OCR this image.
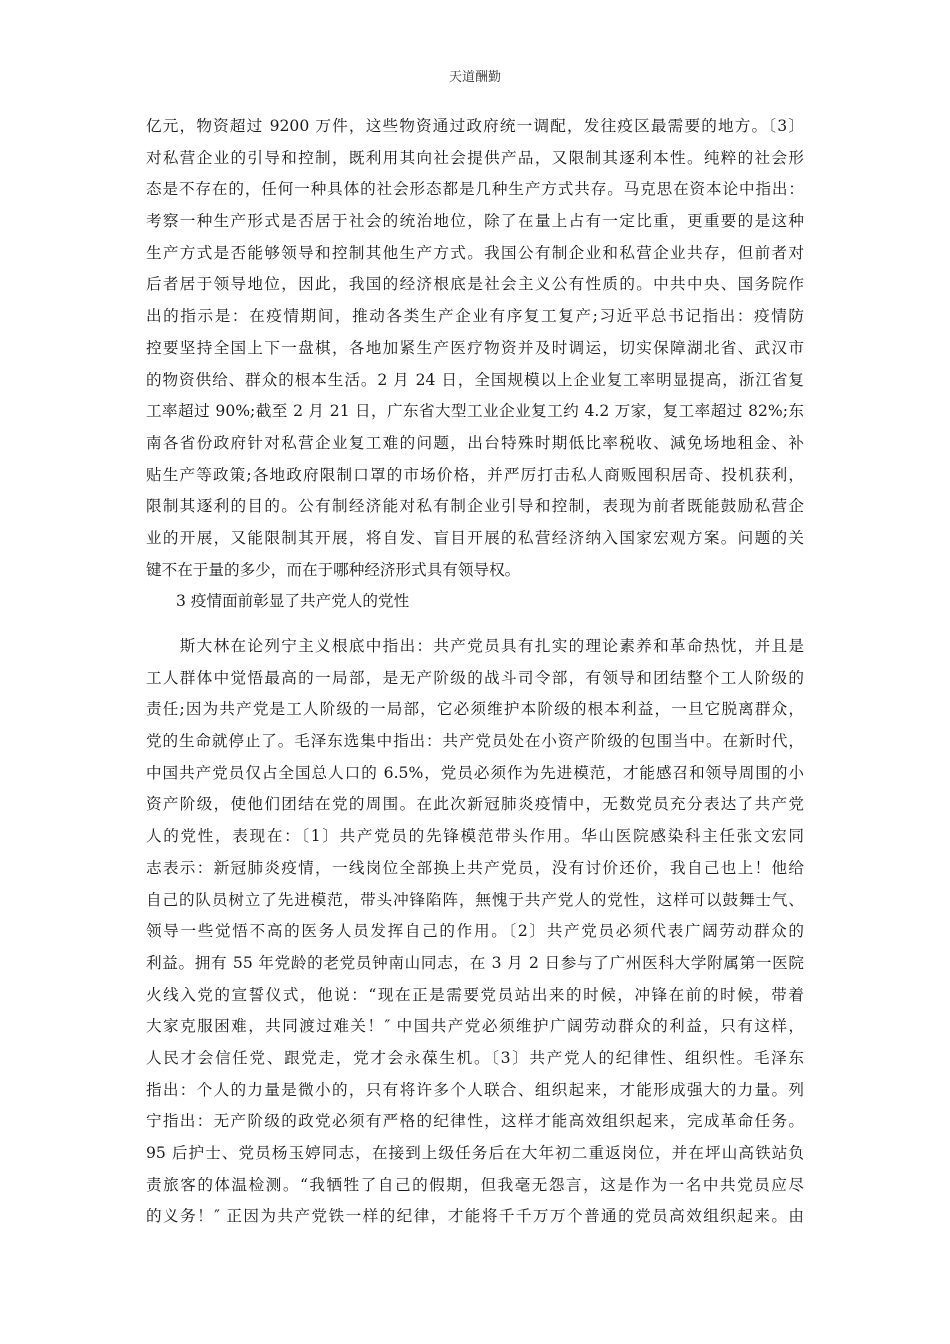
天道酬勤
亿元，物资超过 9200 万件，这些物资通过政府统一调配，发往疫区最需要的地方。〔3〕
对私营企业的引导和控制，既利用其向社会提供产品，又限制其逐利本性。纯粹的社会形
态是不存在的，任何一种具体的社会形态都是几种生产方式共存。马克思在资本论中指出：
考察一种生产形式是否居于社会的统治地位，除了在量上占有一定比重，更重要的是这种
生产方式是否能够领导和控制其他生产方式。我国公有制企业和私营企业共存，但前者对
后者居于领导地位，因此，我国的经济根底是社会主义公有性质的。中共中央、国务院作
出的指示是：在疫情期间，推动各类生产企业有序复工复产;习近平总书记指出：疫情防
控要坚持全国上下一盘棋，各地加紧生产医疗物资并及时调运，切实保障湖北省、武汉市
的物资供给、群众的根本生活。2 月 24 日，全国规模以上企业复工率明显提高，浙江省复
工率超过 90%;截至 2 月 21 日，广东省大型工业企业复工约 4.2 万家，复工率超过 82%;东
南各省份政府针对私营企业复工难的问题，出台特殊时期低比率税收、減免场地租金、补
贴生产等政策;各地政府限制口罩的市场价格，并严厉打击私人商贩囤积居奇、投机获利，
限制其逐利的目的。公有制经济能对私有制企业引导和控制，表现为前者既能鼓励私营企
业的开展，又能限制其开展，将自发、盲目开展的私营经济纳入国家宏观方案。问题的关
键不在于量的多少，而在于哪种经济形式具有领导权。
3 疫情面前彰显了共产党人的党性
　　斯大林在论列宁主义根底中指出：共产党员具有扎实的理论素养和革命热忱，并且是
工人群体中觉悟最高的一局部，是无产阶级的战斗司令部，有领导和团结整个工人阶级的
责任;因为共产党是工人阶级的一局部，它必须维护本阶级的根本利益，一旦它脱离群众，
党的生命就停止了。毛泽东选集中指出：共产党员处在小资产阶级的包围当中。在新时代，
中国共产党员仅占全国总人口的 6.5%，党员必须作为先进模范，才能感召和领导周围的小
资产阶级，使他们团结在党的周围。在此次新冠肺炎疫情中，无数党员充分表达了共产党
人的党性，表现在：〔1〕共产党员的先锋模范带头作用。华山医院感染科主任张文宏同
志表示：新冠肺炎疫情，一线岗位全部换上共产党员，没有讨价还价，我自己也上！他给
自己的队员树立了先进模范，带头冲锋陷阵，無愧于共产党人的党性，这样可以鼓舞士气、
领导一些觉悟不高的医务人员发挥自己的作用。〔2〕共产党员必须代表广阔劳动群众的
利益。拥有 55 年党龄的老党员钟南山同志，在 3 月 2 日参与了广州医科大学附属第一医院
火线入党的宣誓仪式，他说：“现在正是需要党员站出来的时候，冲锋在前的时候，带着
大家克服困难，共同渡过难关！″ 中国共产党必须维护广阔劳动群众的利益，只有这样，
人民才会信任党、跟党走，党才会永葆生机。〔3〕共产党人的纪律性、组织性。毛泽东
指出：个人的力量是微小的，只有将许多个人联合、组织起来，才能形成强大的力量。列
宁指出：无产阶级的政党必须有严格的纪律性，这样才能高效组织起来，完成革命任务。
95 后护士、党员杨玉婷同志，在接到上级任务后在大年初二重返岗位，并在坪山高铁站负
责旅客的体温检测。“我牺牲了自己的假期，但我毫无怨言，这是作为一名中共党员应尽
的义务！″ 正因为共产党铁一样的纪律，才能将千千万万个普通的党员高效组织起来。由
